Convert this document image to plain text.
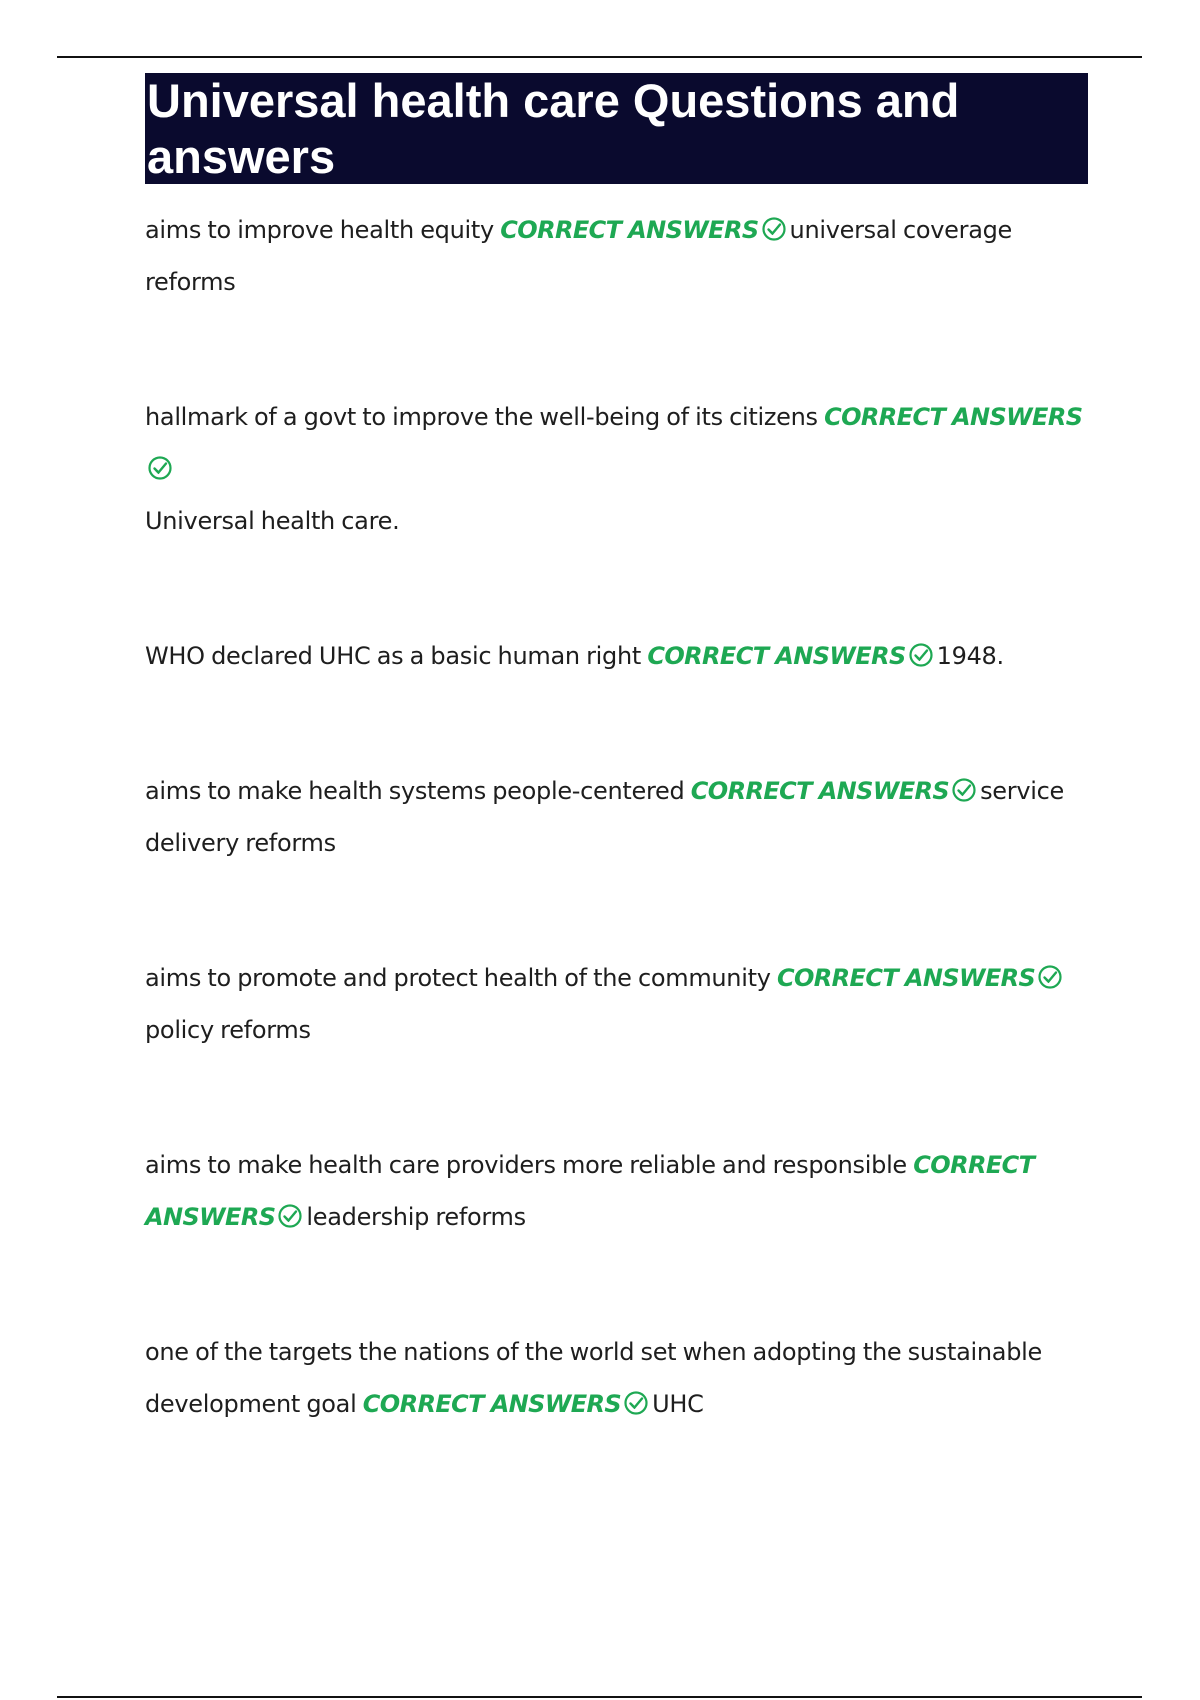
Universal health care Questions and answers
aims to improve health equity CORRECT ANSWERS universal coverage reforms
hallmark of a govt to improve the well-being of its citizens CORRECT ANSWERS

Universal health care.
WHO declared UHC as a basic human right CORRECT ANSWERS 1948.
aims to make health systems people-centered CORRECT ANSWERS service delivery reforms
aims to promote and protect health of the community CORRECT ANSWERS

policy reforms
aims to make health care providers more reliable and responsible CORRECT ANSWERS leadership reforms
one of the targets the nations of the world set when adopting the sustainable development goal CORRECT ANSWERS UHC
